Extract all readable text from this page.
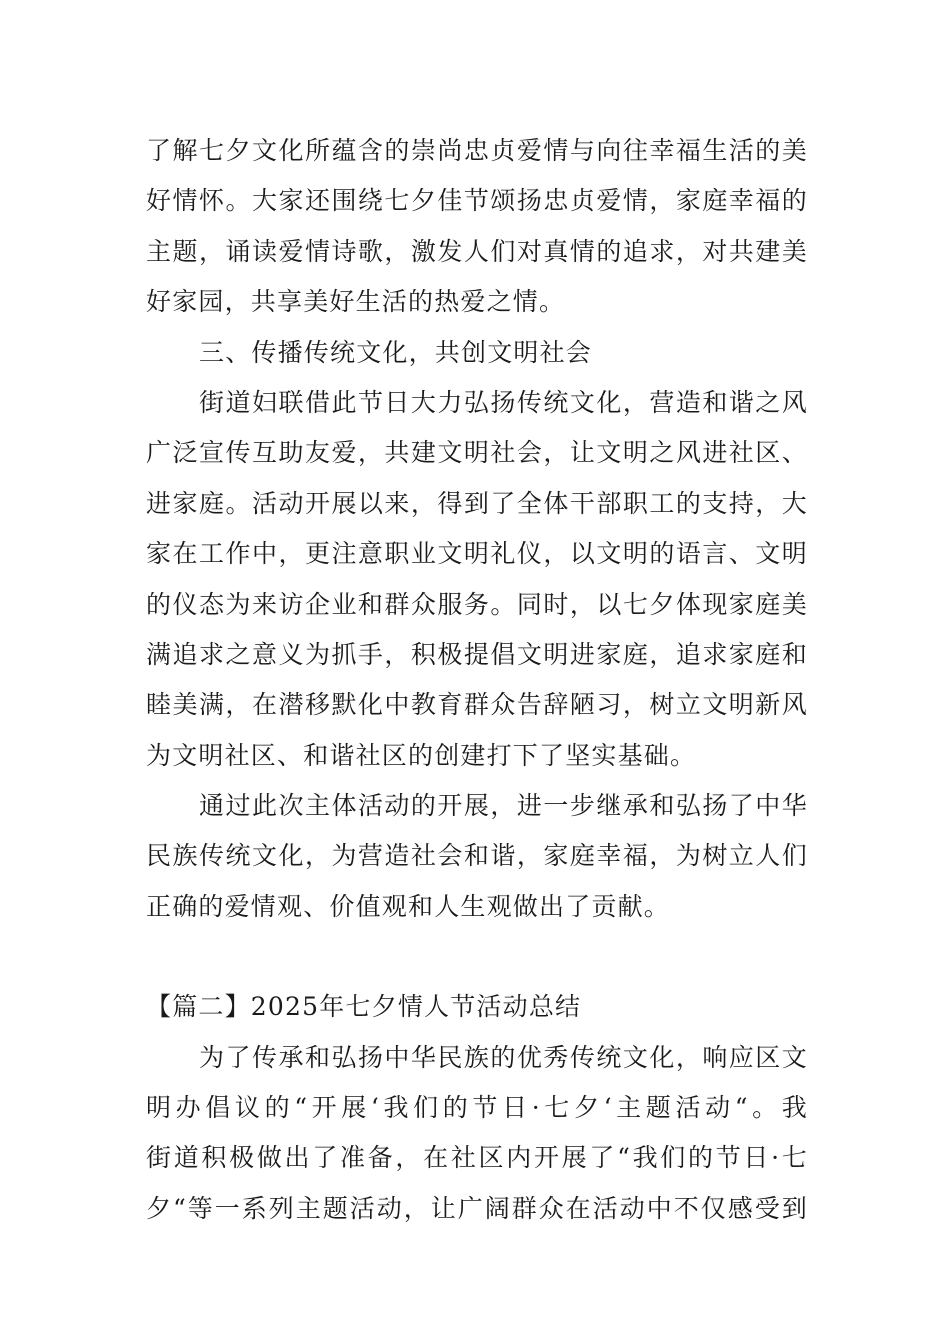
了解七夕文化所蕴含的崇尚忠贞爱情与向往幸福生活的美
好情怀。大家还围绕七夕佳节颂扬忠贞爱情，家庭幸福的
主题，诵读爱情诗歌，激发人们对真情的追求，对共建美
好家园，共享美好生活的热爱之情。
三、传播传统文化，共创文明社会
街道妇联借此节日大力弘扬传统文化，营造和谐之风
广泛宣传互助友爱，共建文明社会，让文明之风进社区、
进家庭。活动开展以来，得到了全体干部职工的支持，大
家在工作中，更注意职业文明礼仪，以文明的语言、文明
的仪态为来访企业和群众服务。同时，以七夕体现家庭美
满追求之意义为抓手，积极提倡文明进家庭，追求家庭和
睦美满，在潜移默化中教育群众告辞陋习，树立文明新风
为文明社区、和谐社区的创建打下了坚实基础。
通过此次主体活动的开展，进一步继承和弘扬了中华
民族传统文化，为营造社会和谐，家庭幸福，为树立人们
正确的爱情观、价值观和人生观做出了贡献。
【篇二】2025年七夕情人节活动总结
为了传承和弘扬中华民族的优秀传统文化，响应区文
明办倡议的“开展‘我们的节日·七夕‘主题活动“。我
街道积极做出了准备，在社区内开展了“我们的节日·七
夕“等一系列主题活动，让广阔群众在活动中不仅感受到
